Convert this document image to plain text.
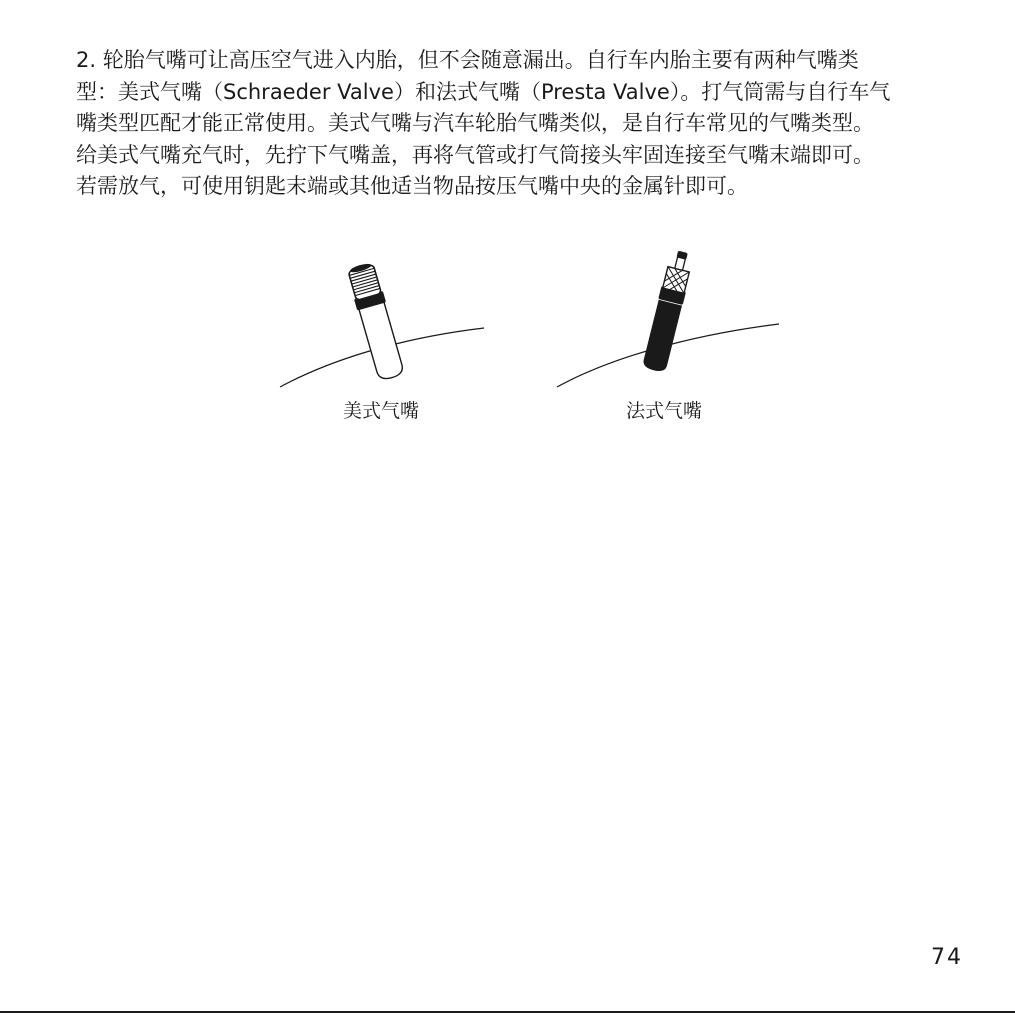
2. 轮胎气嘴可让高压空气进入内胎，但不会随意漏出。自行车内胎主要有两种气嘴类
型：美式气嘴（Schraeder Valve）和法式气嘴（Presta Valve）。打气筒需与自行车气
嘴类型匹配才能正常使用。美式气嘴与汽车轮胎气嘴类似，是自行车常见的气嘴类型。
给美式气嘴充气时，先拧下气嘴盖，再将气管或打气筒接头牢固连接至气嘴末端即可。
若需放气，可使用钥匙末端或其他适当物品按压气嘴中央的金属针即可。
美式气嘴	法式气嘴
74
